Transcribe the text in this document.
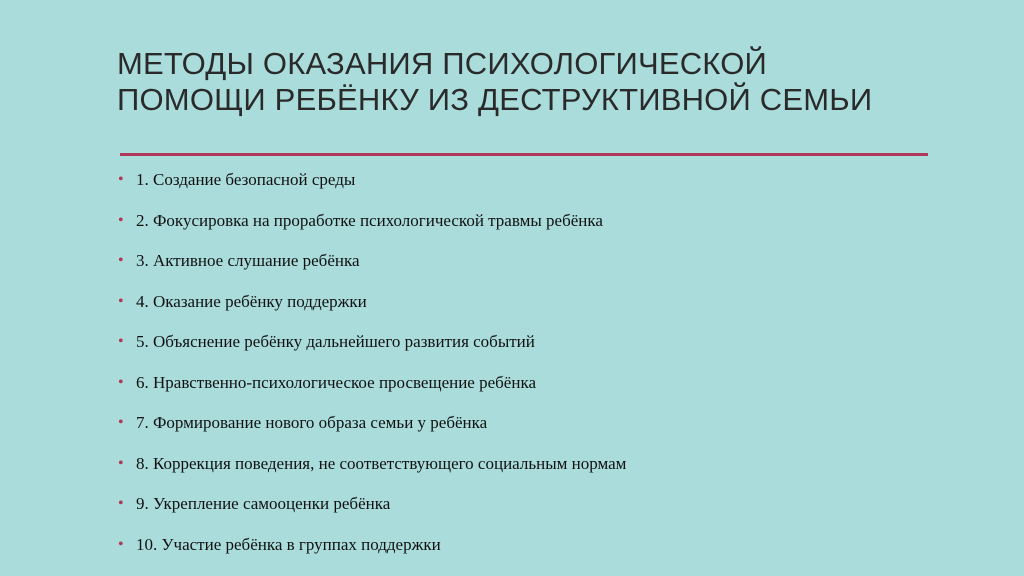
МЕТОДЫ ОКАЗАНИЯ ПСИХОЛОГИЧЕСКОЙ
ПОМОЩИ РЕБЁНКУ ИЗ ДЕСТРУКТИВНОЙ СЕМЬИ
• 1. Создание безопасной среды
• 2. Фокусировка на проработке психологической травмы ребёнка
• 3. Активное слушание ребёнка
• 4. Оказание ребёнку поддержки
• 5. Объяснение ребёнку дальнейшего развития событий
• 6. Нравственно-психологическое просвещение ребёнка
• 7. Формирование нового образа семьи у ребёнка
• 8. Коррекция поведения, не соответствующего социальным нормам
• 9. Укрепление самооценки ребёнка
• 10. Участие ребёнка в группах поддержки
